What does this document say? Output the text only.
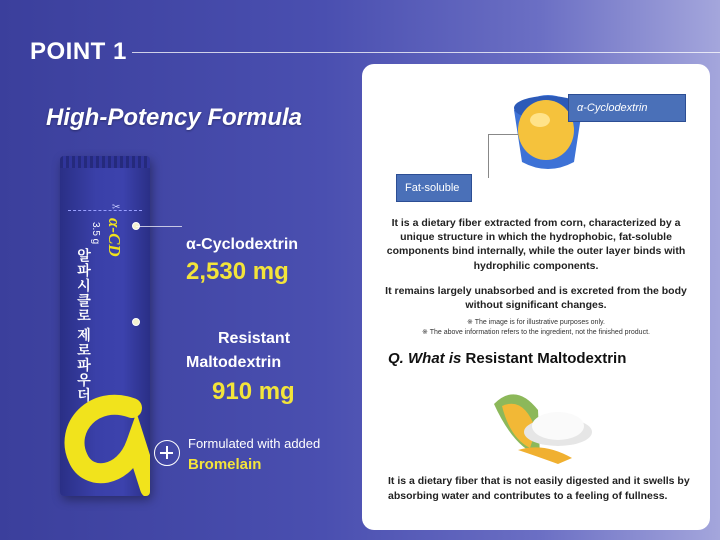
POINT 1
High-Potency Formula
✂
α-CD
3.5 g
알파시클로 제로파우더
α-Cyclodextrin
2,530 mg
Resistant
Maltodextrin
910 mg
Formulated with added
Bromelain
α-Cyclodextrin
Fat-soluble
It is a dietary fiber extracted from corn, characterized by a unique structure in which the hydrophobic, fat-soluble components bind internally, while the outer layer binds with hydrophilic components.
It remains largely unabsorbed and is excreted from the body without significant changes.
※ The image is for illustrative purposes only.
※ The above information refers to the ingredient, not the finished product.
Q. What is Resistant Maltodextrin
It is a dietary fiber that is not easily digested and it swells by absorbing water and contributes to a feeling of fullness.
